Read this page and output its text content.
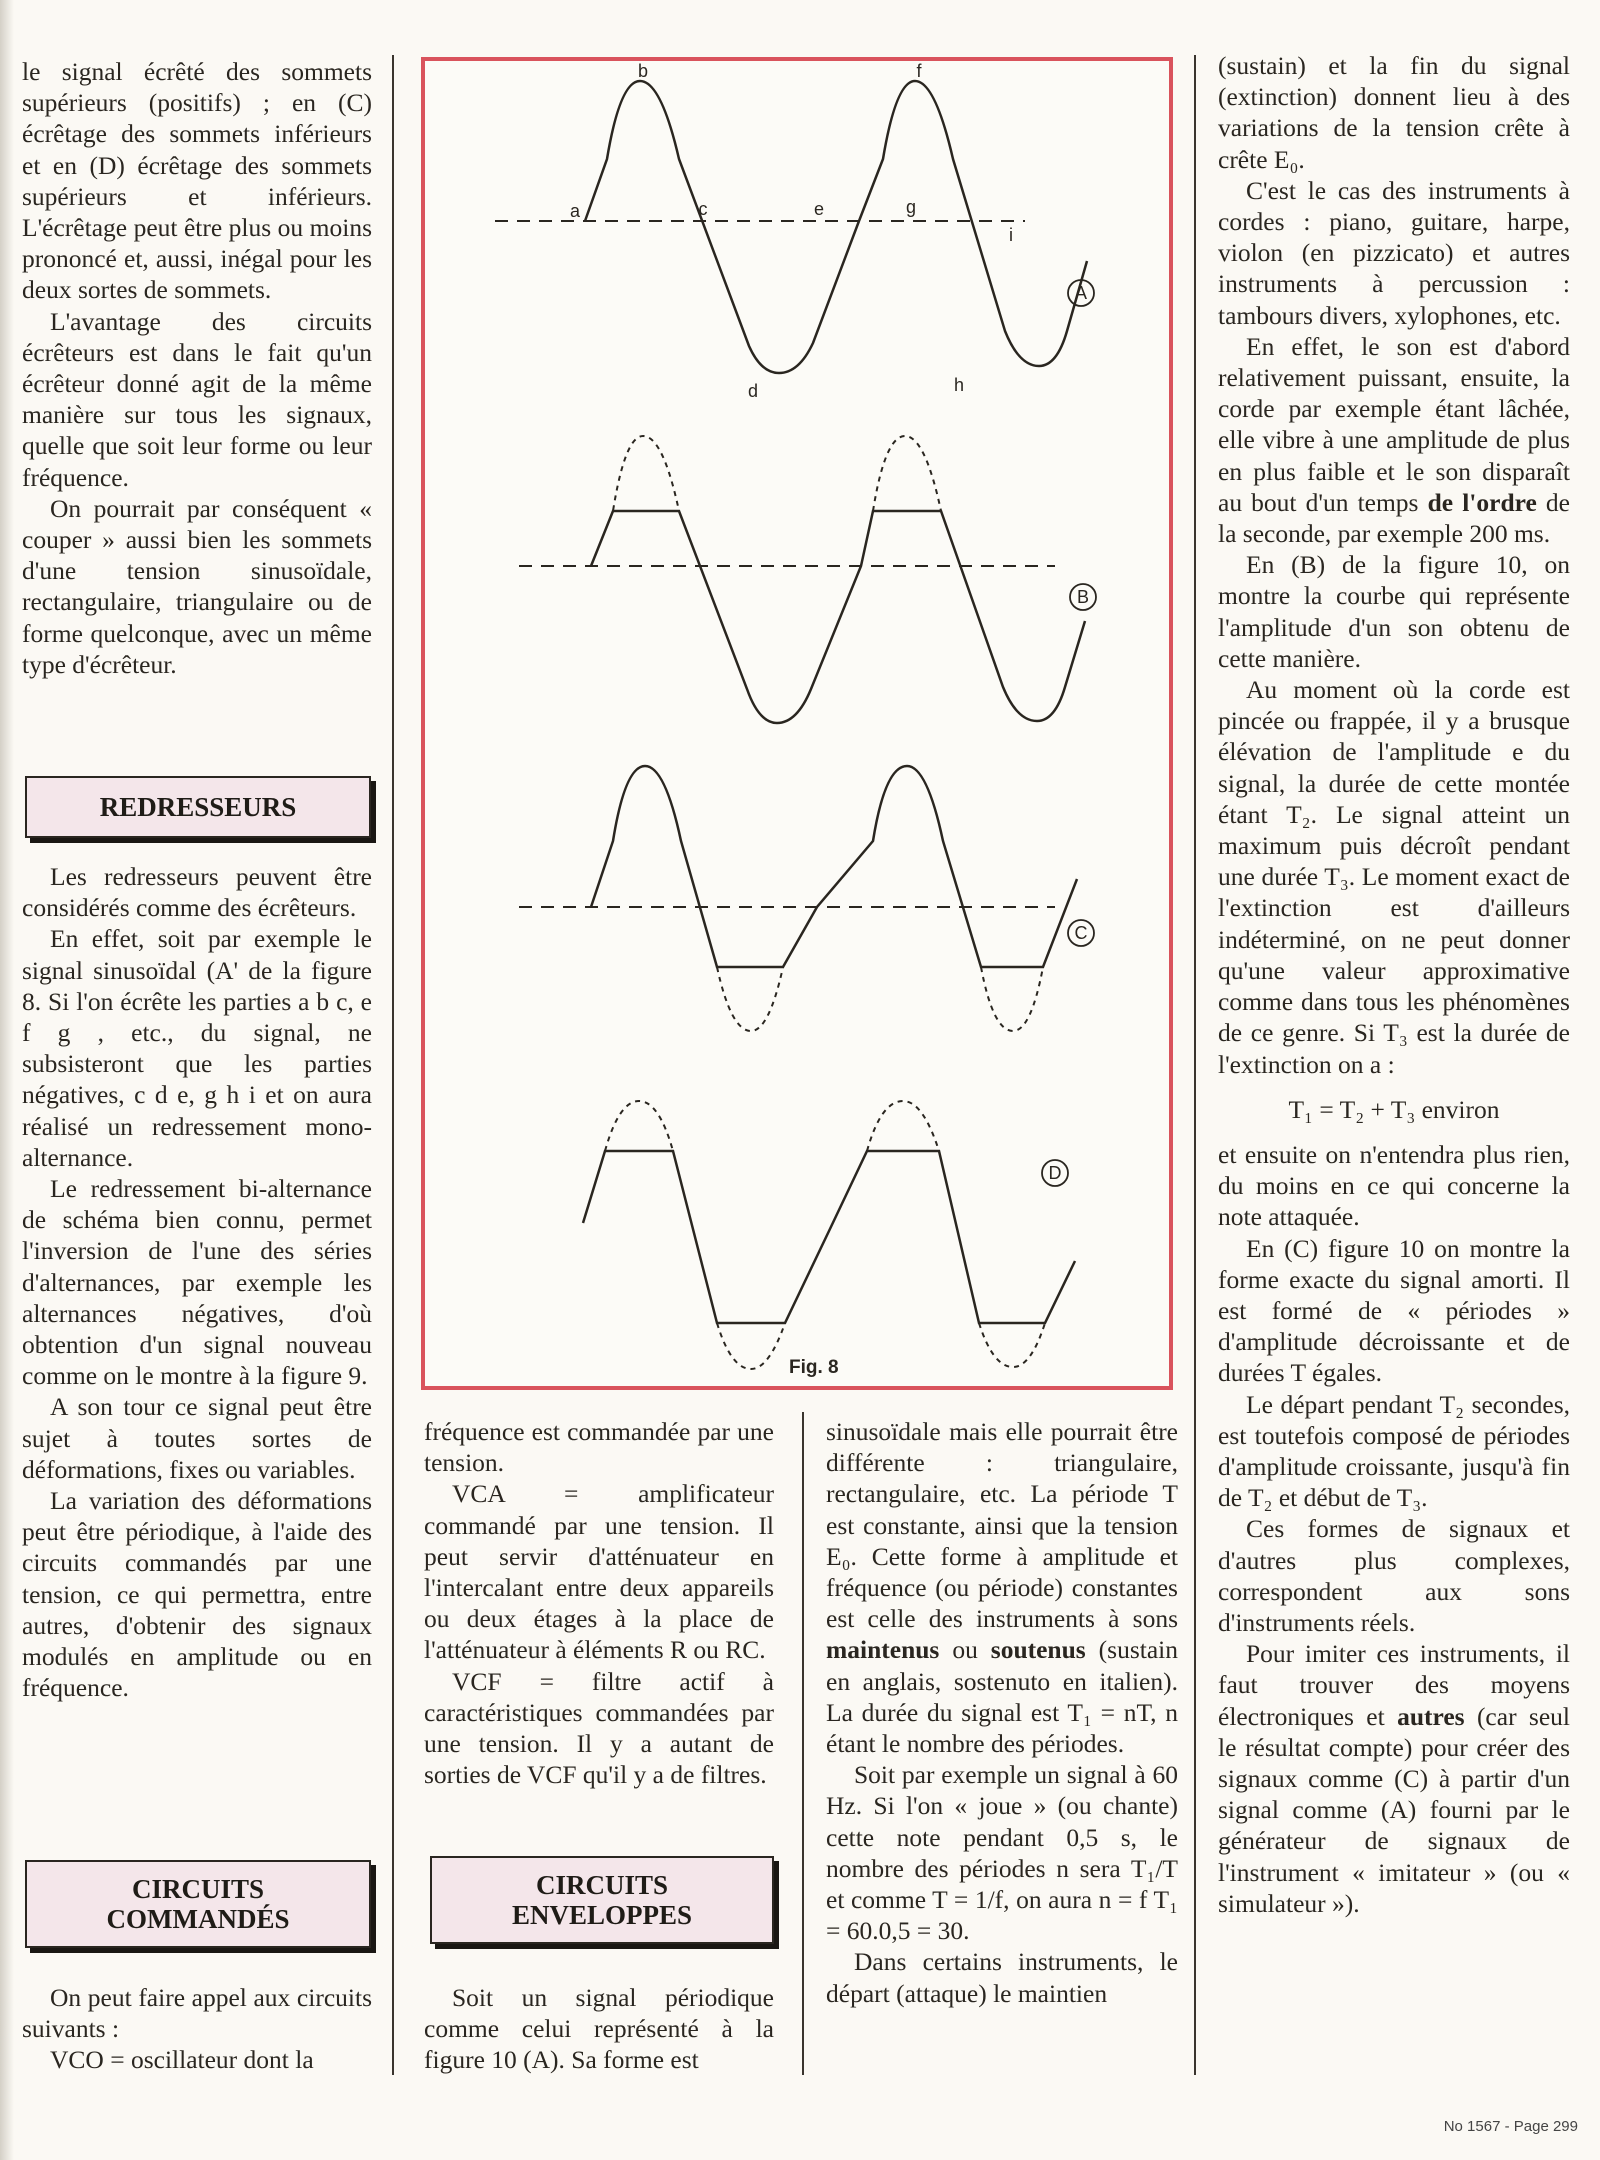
le signal écrêté des sommets supérieurs (positifs) ; en (C) écrêtage des sommets inférieurs et en (D) écrêtage des sommets supérieurs et inférieurs. L'écrêtage peut être plus ou moins prononcé et, aussi, inégal pour les deux sortes de sommets.

L'avantage des circuits écrêteurs est dans le fait qu'un écrêteur donné agit de la même manière sur tous les signaux, quelle que soit leur forme ou leur fréquence.

On pourrait par conséquent « couper » aussi bien les sommets d'une tension sinusoïdale, rectangulaire, triangulaire ou de forme quelconque, avec un même type d'écrêteur.

REDRESSEURS

Les redresseurs peuvent être considérés comme des écrêteurs.

En effet, soit par exemple le signal sinusoïdal (A' de la figure 8. Si l'on écrête les parties a b c, e f g , etc., du signal, ne subsisteront que les parties négatives, c d e, g h i et on aura réalisé un redressement mono-alternance.

Le redressement bi-alternance de schéma bien connu, permet l'inversion de l'une des séries d'alternances, par exemple les alternances négatives, d'où obtention d'un signal nouveau comme on le montre à la figure 9.

A son tour ce signal peut être sujet à toutes sortes de déformations, fixes ou variables.

La variation des déformations peut être périodique, à l'aide des circuits commandés par une tension, ce qui permettra, entre autres, d'obtenir des signaux modulés en amplitude ou en fréquence.

CIRCUITS
COMMANDÉS

On peut faire appel aux circuits suivants :

VCO = oscillateur dont la

A
B
C
D
a
b
c
d
e
f
g
h
i
Fig. 8

fréquence est commandée par une tension.

VCA = amplificateur commandé par une tension. Il peut servir d'atténuateur en l'intercalant entre deux appareils ou deux étages à la place de l'atténuateur à éléments R ou RC.

VCF = filtre actif à caractéristiques commandées par une tension. Il y a autant de sorties de VCF qu'il y a de filtres.

CIRCUITS
ENVELOPPES

Soit un signal périodique comme celui représenté à la figure 10 (A). Sa forme est

sinusoïdale mais elle pourrait être différente : triangulaire, rectangulaire, etc. La période T est constante, ainsi que la tension E₀. Cette forme à amplitude et fréquence (ou période) constantes est celle des instruments à sons maintenus ou soutenus (sustain en anglais, sostenuto en italien). La durée du signal est T₁ = nT, n étant le nombre des périodes.

Soit par exemple un signal à 60 Hz. Si l'on « joue » (ou chante) cette note pendant 0,5 s, le nombre des périodes n sera T₁/T et comme T = 1/f, on aura n = f T₁ = 60.0,5 = 30.

Dans certains instruments, le départ (attaque) le maintien

(sustain) et la fin du signal (extinction) donnent lieu à des variations de la tension crête à crête E₀.

C'est le cas des instruments à cordes : piano, guitare, harpe, violon (en pizzicato) et autres instruments à percussion : tambours divers, xylophones, etc.

En effet, le son est d'abord relativement puissant, ensuite, la corde par exemple étant lâchée, elle vibre à une amplitude de plus en plus faible et le son disparaît au bout d'un temps de l'ordre de la seconde, par exemple 200 ms.

En (B) de la figure 10, on montre la courbe qui représente l'amplitude d'un son obtenu de cette manière.

Au moment où la corde est pincée ou frappée, il y a brusque élévation de l'amplitude e du signal, la durée de cette montée étant T₂. Le signal atteint un maximum puis décroît pendant une durée T₃. Le moment exact de l'extinction est d'ailleurs indéterminé, on ne peut donner qu'une valeur approximative comme dans tous les phénomènes de ce genre. Si T₃ est la durée de l'extinction on a :

T₁ = T₂ + T₃ environ

et ensuite on n'entendra plus rien, du moins en ce qui concerne la note attaquée.

En (C) figure 10 on montre la forme exacte du signal amorti. Il est formé de « périodes » d'amplitude décroissante et de durées T égales.

Le départ pendant T₂ secondes, est toutefois composé de périodes d'amplitude croissante, jusqu'à fin de T₂ et début de T₃.

Ces formes de signaux et d'autres plus complexes, correspondent aux sons d'instruments réels.

Pour imiter ces instruments, il faut trouver des moyens électroniques et autres (car seul le résultat compte) pour créer des signaux comme (C) à partir d'un signal comme (A) fourni par le générateur de signaux de l'instrument « imitateur » (ou « simulateur »).

No 1567 - Page 299
